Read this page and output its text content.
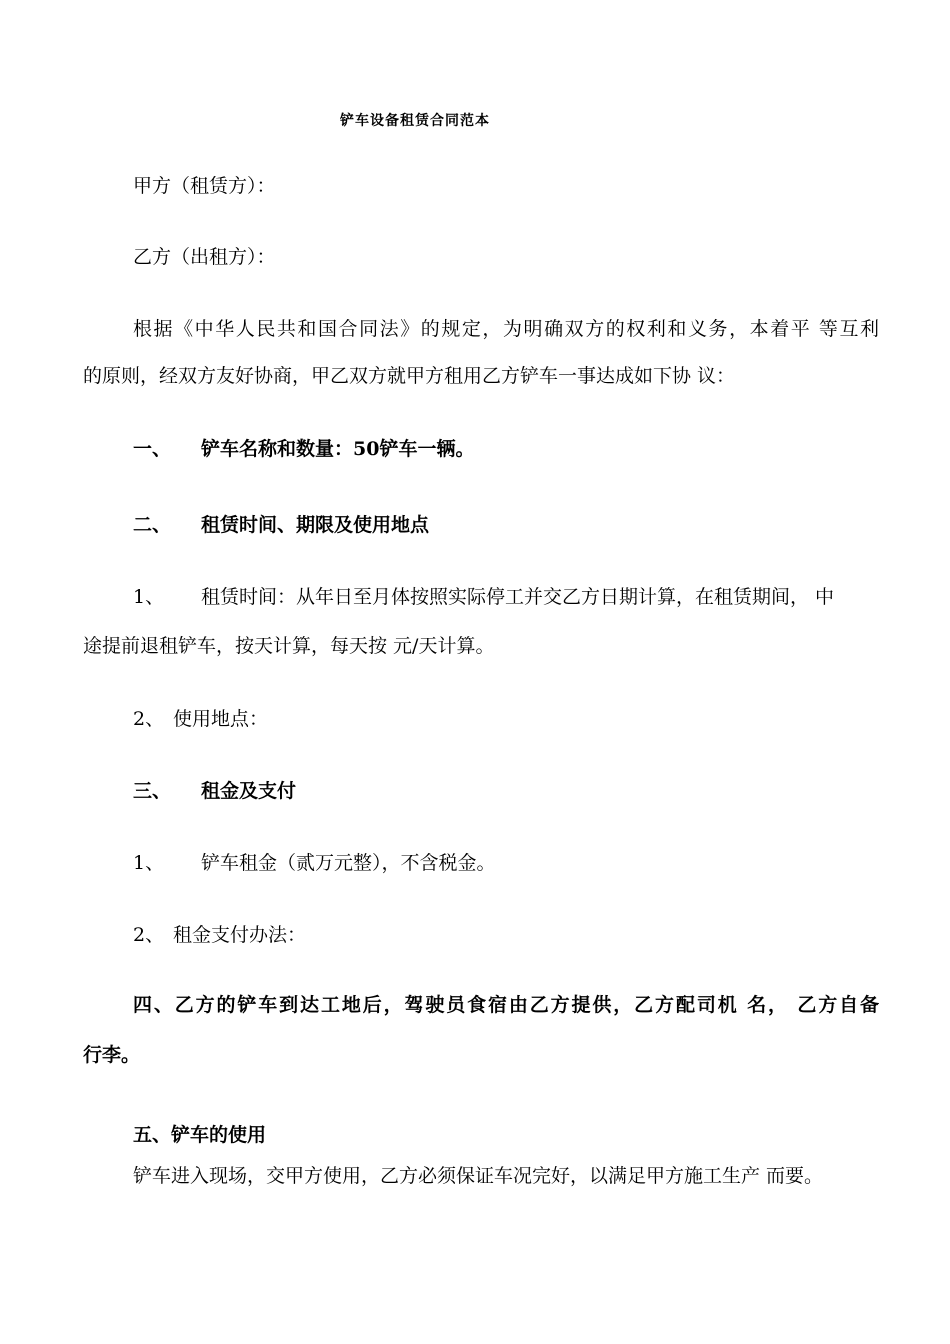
铲车设备租赁合同范本
甲方（租赁方）：
乙方（出租方）：
根据《中华人民共和国合同法》的规定，为明确双方的权利和义务，本着平 等互利
的原则，经双方友好协商，甲乙双方就甲方租用乙方铲车一事达成如下协 议：
一、 铲车名称和数量：50铲车一辆。
二、 租赁时间、期限及使用地点
1、 租赁时间：从年日至月体按照实际停工并交乙方日期计算，在租赁期间， 中
途提前退租铲车，按天计算，每天按 元/天计算。
2、 使用地点：
三、 租金及支付
1、 铲车租金（贰万元整），不含税金。
2、 租金支付办法：
四、乙方的铲车到达工地后，驾驶员食宿由乙方提供，乙方配司机 名， 乙方自备
行李。
五、铲车的使用
铲车进入现场，交甲方使用，乙方必须保证车况完好，以满足甲方施工生产 而要。
